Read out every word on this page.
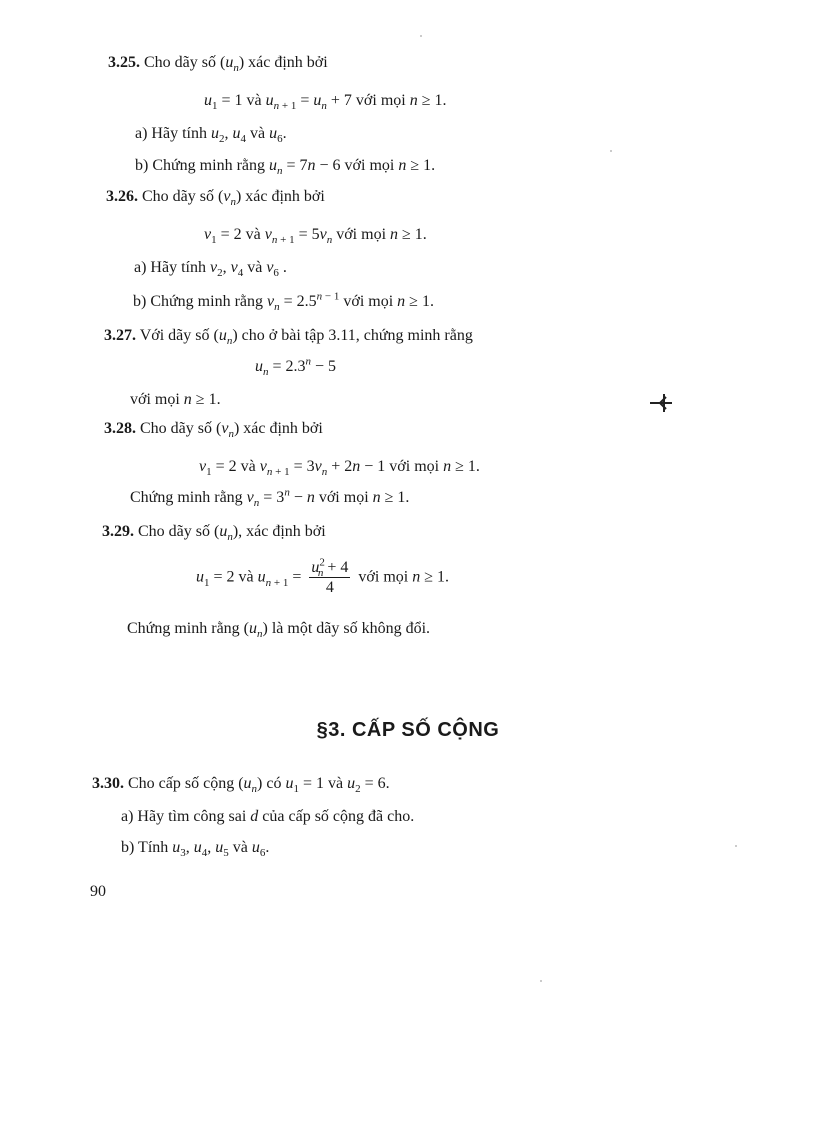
3.25. Cho dãy số $(u_n)$ xác định bởi
$u_1 = 1$ và $u_{n + 1} = u_n + 7$ với mọi n ≥ 1.
a) Hãy tính $u_2$, $u_4$ và $u_6$.
b) Chứng minh rằng $u_n = 7n - 6$ với mọi n ≥ 1.
3.26. Cho dãy số $(v_n)$ xác định bởi
$v_1 = 2$ và $v_{n + 1} = 5v_n$ với mọi n ≥ 1.
a) Hãy tính $v_2$, $v_4$ và $v_6$ .
b) Chứng minh rằng $v_n = 2.5^{n - 1}$ với mọi n ≥ 1.
3.27. Với dãy số $(u_n)$ cho ở bài tập 3.11, chứng minh rằng
$u_n = 2.3^n - 5$
với mọi n ≥ 1.
3.28. Cho dãy số $(v_n)$ xác định bởi
$v_1 = 2$ và $v_{n + 1} = 3v_n + 2n - 1$ với mọi n ≥ 1.
Chứng minh rằng $v_n = 3^n - n$ với mọi n ≥ 1.
3.29. Cho dãy số $(u_n)$, xác định bởi
$u_1 = 2$ và $u_{n + 1} = \frac{u^2_n + 4}{4}$ với mọi n ≥ 1.
Chứng minh rằng $(u_n)$ là một dãy số không đổi.
§3. CẤP SỐ CỘNG
3.30. Cho cấp số cộng $(u_n)$ có $u_1 = 1$ và $u_2 = 6$.
a) Hãy tìm công sai d của cấp số cộng đã cho.
b) Tính $u_3$, $u_4$, $u_5$ và $u_6$.
90
